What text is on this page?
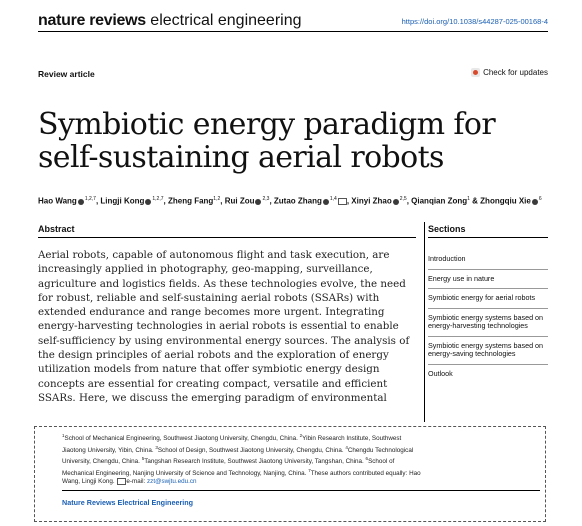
nature reviews electrical engineering	https://doi.org/10.1038/s44287-025-00168-4
Review article	Check for updates
Symbiotic energy paradigm for self-sustaining aerial robots
Hao Wang $^{1,2,7}$, Lingji Kong $^{1,2,7}$, Zheng Fang$^{1,2}$, Rui Zou $^{2,3}$, Zutao Zhang $^{1,4}$ , Xinyi Zhao $^{2,5}$, Qianqian Zong$^1$ & Zhongqiu Xie $^6$
Abstract
Aerial robots, capable of autonomous flight and task execution, are increasingly applied in photography, geo-mapping, surveillance, agriculture and logistics fields. As these technologies evolve, the need for robust, reliable and self-sustaining aerial robots (SSARs) with extended endurance and range becomes more urgent. Integrating energy-harvesting technologies in aerial robots is essential to enable self-sufficiency by using environmental energy sources. The analysis of the design principles of aerial robots and the exploration of energy utilization models from nature that offer symbiotic energy design concepts are essential for creating compact, versatile and efficient SSARs. Here, we discuss the emerging paradigm of environmental
Sections
Introduction
Energy use in nature
Symbiotic energy for aerial robots
Symbiotic energy systems based on energy-harvesting technologies
Symbiotic energy systems based on energy-saving technologies
Outlook
$^1$School of Mechanical Engineering, Southwest Jiaotong University, Chengdu, China. $^2$Yibin Research Institute, Southwest Jiaotong University, Yibin, China. $^3$School of Design, Southwest Jiaotong University, Chengdu, China. $^4$Chengdu Technological University, Chengdu, China. $^5$Tangshan Research Institute, Southwest Jiaotong University, Tangshan, China. $^6$School of Mechanical Engineering, Nanjing University of Science and Technology, Nanjing, China. $^7$These authors contributed equally: Hao Wang, Lingji Kong. e-mail: zzt@swjtu.edu.cn
Nature Reviews Electrical Engineering
